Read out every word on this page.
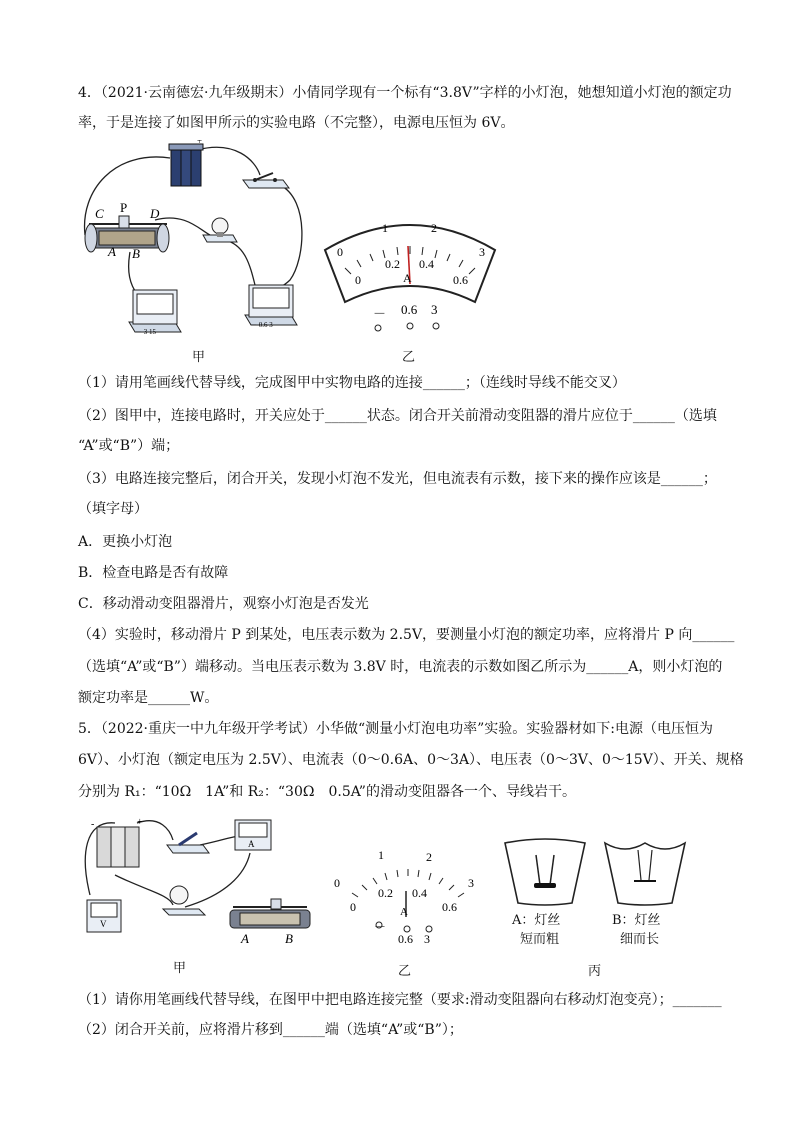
4．（2021·云南德宏·九年级期末）小倩同学现有一个标有“3.8V”字样的小灯泡，她想知道小灯泡的额定功
率，于是连接了如图甲所示的实验电路（不完整），电源电压恒为 6V。
+
C P D
A B
－ 3 15
－ 0.6 3
甲
0
1	2
3
0
0.2 0.4
0.6
A
－ 0.6 3
乙
（1）请用笔画线代替导线，完成图甲中实物电路的连接______；（连线时导线不能交叉）
（2）图甲中，连接电路时，开关应处于______状态。闭合开关前滑动变阻器的滑片应位于______（选填
“A”或“B”）端；
（3）电路连接完整后，闭合开关，发现小灯泡不发光，但电流表有示数，接下来的操作应该是______；
（填字母）
A．更换小灯泡
B．检查电路是否有故障
C．移动滑动变阻器滑片，观察小灯泡是否发光
（4）实验时，移动滑片 P 到某处，电压表示数为 2.5V，要测量小灯泡的额定功率，应将滑片 P 向______
（选填“A”或“B”）端移动。当电压表示数为 3.8V 时，电流表的示数如图乙所示为______A，则小灯泡的
额定功率是______W。
5．（2022·重庆一中九年级开学考试）小华做“测量小灯泡电功率”实验。实验器材如下:电源（电压恒为
6V）、小灯泡（额定电压为 2.5V）、电流表（0～0.6A、0～3A）、电压表（0～3V、0～15V）、开关、规格
分别为 R₁：“10Ω　1A”和 R₂：“30Ω　0.5A”的滑动变阻器各一个、导线岩干。
-	+
A
V
A	B
甲
0
1	2
3
0
0.2 0.4
0.6
A
－
0.6 3
乙
A：灯丝
短而粗
B：灯丝
细而长
丙
（1）请你用笔画线代替导线，在图甲中把电路连接完整（要求:滑动变阻器向右移动灯泡变亮）；_______
（2）闭合开关前，应将滑片移到______端（选填“A”或“B”）；
